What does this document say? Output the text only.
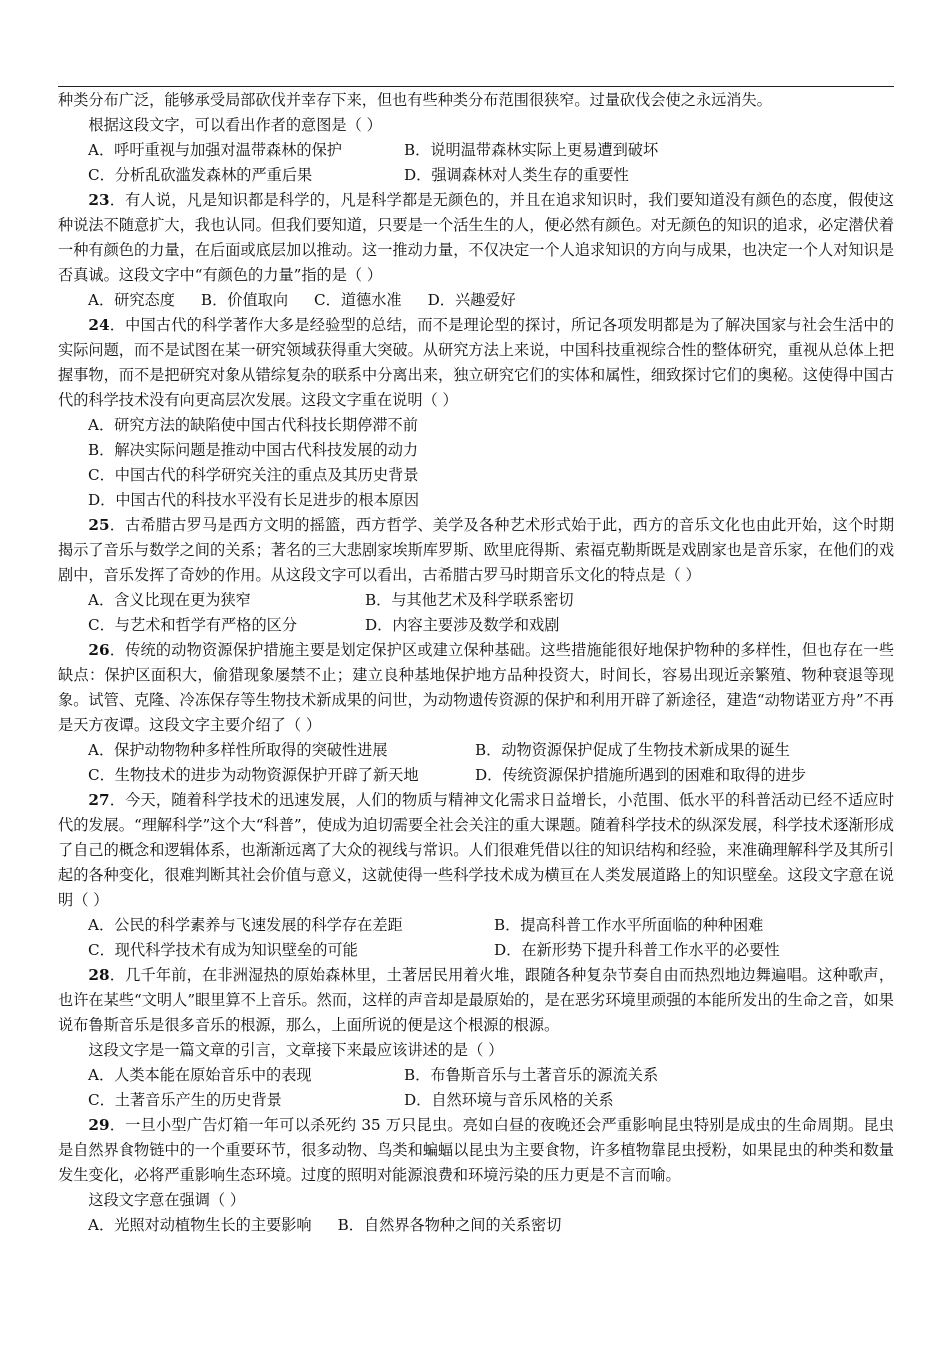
种类分布广泛，能够承受局部砍伐并幸存下来，但也有些种类分布范围很狭窄。过量砍伐会使之永远消失。

根据这段文字，可以看出作者的意图是（ ）

A．呼吁重视与加强对温带森林的保护	B．说明温带森林实际上更易遭到破坏
C．分析乱砍滥发森林的严重后果	D．强调森林对人类生存的重要性

23．有人说，凡是知识都是科学的，凡是科学都是无颜色的，并且在追求知识时，我们要知道没有颜色的态度，假使这种说法不随意扩大，我也认同。但我们要知道，只要是一个活生生的人，便必然有颜色。对无颜色的知识的追求，必定潜伏着一种有颜色的力量，在后面或底层加以推动。这一推动力量，不仅决定一个人追求知识的方向与成果，也决定一个人对知识是否真诚。这段文字中“有颜色的力量”指的是（ ）

A．研究态度 B．价值取向 C．道德水准 D．兴趣爱好

24．中国古代的科学著作大多是经验型的总结，而不是理论型的探讨，所记各项发明都是为了解决国家与社会生活中的实际问题，而不是试图在某一研究领域获得重大突破。从研究方法上来说，中国科技重视综合性的整体研究，重视从总体上把握事物，而不是把研究对象从错综复杂的联系中分离出来，独立研究它们的实体和属性，细致探讨它们的奥秘。这使得中国古代的科学技术没有向更高层次发展。这段文字重在说明（ ）

A．研究方法的缺陷使中国古代科技长期停滞不前

B．解决实际问题是推动中国古代科技发展的动力

C．中国古代的科学研究关注的重点及其历史背景

D．中国古代的科技水平没有长足进步的根本原因

25．古希腊古罗马是西方文明的摇篮，西方哲学、美学及各种艺术形式始于此，西方的音乐文化也由此开始，这个时期揭示了音乐与数学之间的关系；著名的三大悲剧家埃斯库罗斯、欧里庇得斯、索福克勒斯既是戏剧家也是音乐家，在他们的戏剧中，音乐发挥了奇妙的作用。从这段文字可以看出，古希腊古罗马时期音乐文化的特点是（ ）

A．含义比现在更为狭窄	B．与其他艺术及科学联系密切
C．与艺术和哲学有严格的区分	D．内容主要涉及数学和戏剧

26．传统的动物资源保护措施主要是划定保护区或建立保种基础。这些措施能很好地保护物种的多样性，但也存在一些缺点：保护区面积大，偷猎现象屡禁不止；建立良种基地保护地方品种投资大，时间长，容易出现近亲繁殖、物种衰退等现象。试管、克隆、冷冻保存等生物技术新成果的问世，为动物遗传资源的保护和利用开辟了新途径，建造“动物诺亚方舟”不再是天方夜谭。这段文字主要介绍了（ ）

A．保护动物物种多样性所取得的突破性进展	B．动物资源保护促成了生物技术新成果的诞生
C．生物技术的进步为动物资源保护开辟了新天地	D．传统资源保护措施所遇到的困难和取得的进步

27．今天，随着科学技术的迅速发展，人们的物质与精神文化需求日益增长，小范围、低水平的科普活动已经不适应时代的发展。“理解科学”这个大“科普”，使成为迫切需要全社会关注的重大课题。随着科学技术的纵深发展，科学技术逐渐形成了自己的概念和逻辑体系，也渐渐远离了大众的视线与常识。人们很难凭借以往的知识结构和经验，来准确理解科学及其所引起的各种变化，很难判断其社会价值与意义，这就使得一些科学技术成为横亘在人类发展道路上的知识壁垒。这段文字意在说明（ ）

A．公民的科学素养与飞速发展的科学存在差距	B．提高科普工作水平所面临的种种困难
C．现代科学技术有成为知识壁垒的可能	D．在新形势下提升科普工作水平的必要性

28．几千年前，在非洲湿热的原始森林里，土著居民用着火堆，跟随各种复杂节奏自由而热烈地边舞遍唱。这种歌声，也许在某些“文明人”眼里算不上音乐。然而，这样的声音却是最原始的，是在恶劣环境里顽强的本能所发出的生命之音，如果说布鲁斯音乐是很多音乐的根源，那么，上面所说的便是这个根源的根源。

这段文字是一篇文章的引言，文章接下来最应该讲述的是（ ）

A．人类本能在原始音乐中的表现	B．布鲁斯音乐与土著音乐的源流关系
C．土著音乐产生的历史背景	D．自然环境与音乐风格的关系

29．一旦小型广告灯箱一年可以杀死约 35 万只昆虫。亮如白昼的夜晚还会严重影响昆虫特别是成虫的生命周期。昆虫是自然界食物链中的一个重要环节，很多动物、鸟类和蝙蝠以昆虫为主要食物，许多植物靠昆虫授粉，如果昆虫的种类和数量发生变化，必将严重影响生态环境。过度的照明对能源浪费和环境污染的压力更是不言而喻。

这段文字意在强调（ ）

A．光照对动植物生长的主要影响 B．自然界各物种之间的关系密切
